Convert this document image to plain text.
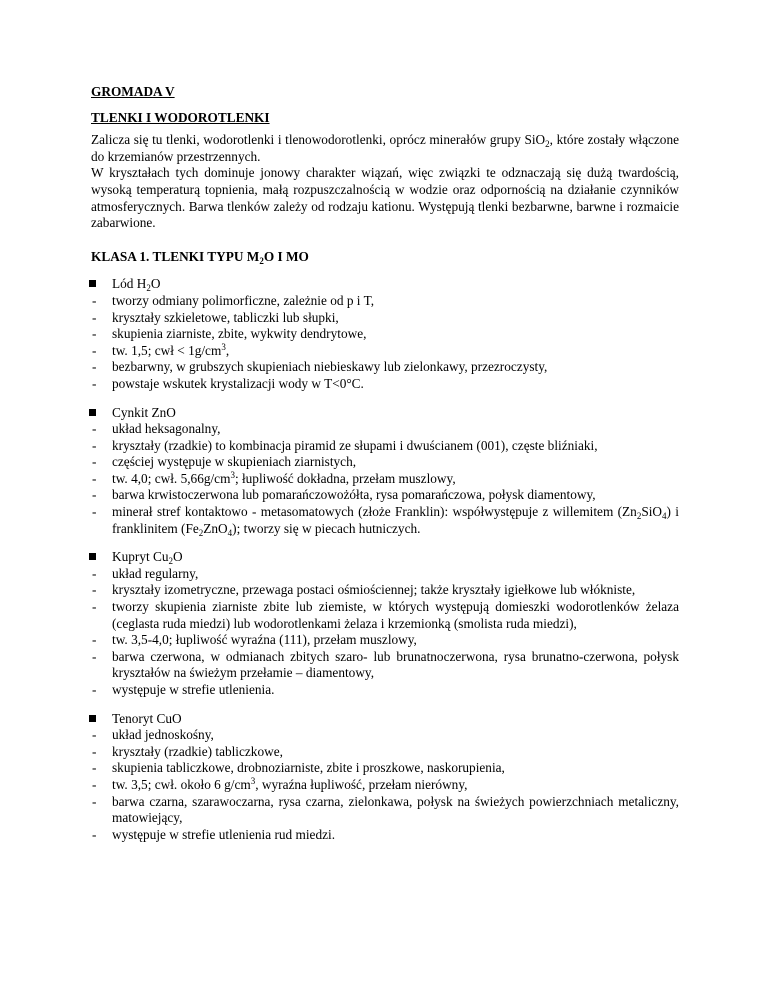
GROMADA V
TLENKI I WODOROTLENKI

Zalicza się tu tlenki, wodorotlenki i tlenowodorotlenki, oprócz minerałów grupy SiO$_2$, które zostały włączone do krzemianów przestrzennych.

W kryształach tych dominuje jonowy charakter wiązań, więc związki te odznaczają się dużą twardością, wysoką temperaturą topnienia, małą rozpuszczalnością w wodzie oraz odpornością na działanie czynników atmosferycznych. Barwa tlenków zależy od rodzaju kationu. Występują tlenki bezbarwne, barwne i rozmaicie zabarwione.

KLASA 1. TLENKI TYPU $M_2O$ I MO
Lód $H_2O$
- tworzy odmiany polimorficzne, zależnie od p i T,
- kryształy szkieletowe, tabliczki lub słupki,
- skupienia ziarniste, zbite, wykwity dendrytowe,
- tw. 1,5; cwł < $1g/cm^3$,
- bezbarwny, w grubszych skupieniach niebieskawy lub zielonkawy, przezroczysty,
- powstaje wskutek krystalizacji wody w T<0°C.
Cynkit ZnO
- układ heksagonalny,
- kryształy (rzadkie) to kombinacja piramid ze słupami i dwuścianem (001), częste bliźniaki,
- częściej występuje w skupieniach ziarnistych,
- tw. 4,0; cwł. $5,66g/cm^3$; łupliwość dokładna, przełam muszlowy,
- barwa krwistoczerwona lub pomarańczowożółta, rysa pomarańczowa, połysk diamentowy,
- minerał stref kontaktowo - metasomatowych (złoże Franklin): współwystępuje z willemitem $(Zn_2SiO_4)$ i franklinitem $(Fe_2ZnO_4)$; tworzy się w piecach hutniczych.
Kupryt $Cu_2O$
- układ regularny,
- kryształy izometryczne, przewaga postaci ośmiościennej; także kryształy igiełkowe lub włókniste,
- tworzy skupienia ziarniste zbite lub ziemiste, w których występują domieszki wodorotlenków żelaza (ceglasta ruda miedzi) lub wodorotlenkami żelaza i krzemionką (smolista ruda miedzi),
- tw. 3,5-4,0; łupliwość wyraźna (111), przełam muszlowy,
- barwa czerwona, w odmianach zbitych szaro- lub brunatnoczerwona, rysa brunatno-czerwona, połysk kryształów na świeżym przełamie – diamentowy,
- występuje w strefie utlenienia.
Tenoryt CuO
- układ jednoskośny,
- kryształy (rzadkie) tabliczkowe,
- skupienia tabliczkowe, drobnoziarniste, zbite i proszkowe, naskorupienia,
- tw. 3,5; cwł. około 6 $g/cm^3$, wyraźna łupliwość, przełam nierówny,
- barwa czarna, szarawoczarna, rysa czarna, zielonkawa, połysk na świeżych powierzchniach metaliczny, matowiejący,
- występuje w strefie utlenienia rud miedzi.
